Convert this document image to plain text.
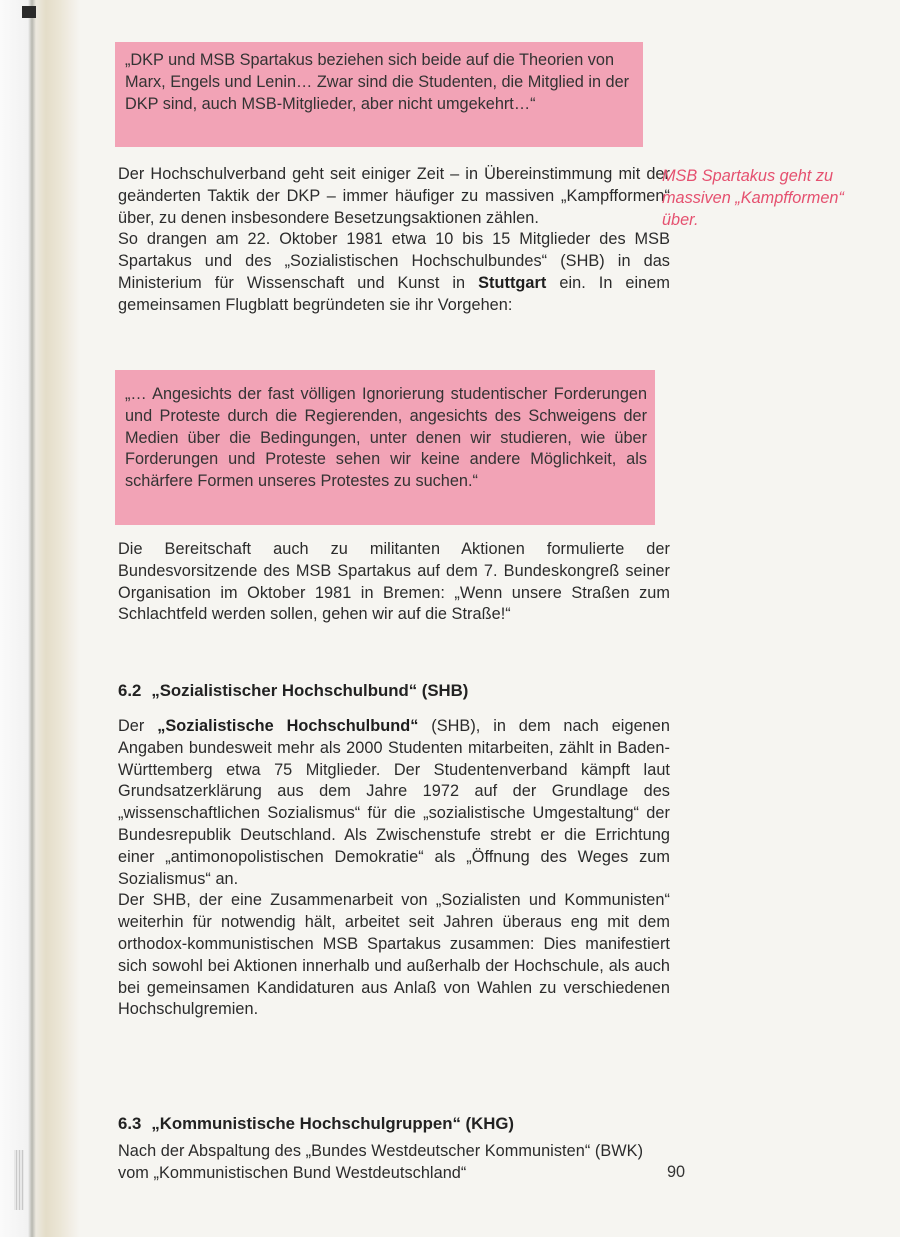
„DKP und MSB Spartakus beziehen sich beide auf die Theorien von Marx, Engels und Lenin… Zwar sind die Studenten, die Mitglied in der DKP sind, auch MSB-Mitglieder, aber nicht umgekehrt…“

Der Hochschulverband geht seit einiger Zeit – in Übereinstimmung mit der geänderten Taktik der DKP – immer häufiger zu massiven „Kampfformen“ über, zu denen insbesondere Besetzungsaktionen zählen.

So drangen am 22. Oktober 1981 etwa 10 bis 15 Mitglieder des MSB Spartakus und des „Sozialistischen Hochschulbundes“ (SHB) in das Ministerium für Wissenschaft und Kunst in Stuttgart ein. In einem gemeinsamen Flugblatt begründeten sie ihr Vorgehen:

MSB Spartakus geht zu massiven „Kampfformen“ über.

„… Angesichts der fast völligen Ignorierung studentischer Forderungen und Proteste durch die Regierenden, angesichts des Schweigens der Medien über die Bedingungen, unter denen wir studieren, wie über Forderungen und Proteste sehen wir keine andere Möglichkeit, als schärfere Formen unseres Protestes zu suchen.“

Die Bereitschaft auch zu militanten Aktionen formulierte der Bundesvorsitzende des MSB Spartakus auf dem 7. Bundeskongreß seiner Organisation im Oktober 1981 in Bremen: „Wenn unsere Straßen zum Schlachtfeld werden sollen, gehen wir auf die Straße!“

6.2 „Sozialistischer Hochschulbund“ (SHB)

Der „Sozialistische Hochschulbund“ (SHB), in dem nach eigenen Angaben bundesweit mehr als 2000 Studenten mitarbeiten, zählt in Baden-Württemberg etwa 75 Mitglieder. Der Studentenverband kämpft laut Grundsatzerklärung aus dem Jahre 1972 auf der Grundlage des „wissenschaftlichen Sozialismus“ für die „sozialistische Umgestaltung“ der Bundesrepublik Deutschland. Als Zwischenstufe strebt er die Errichtung einer „antimonopolistischen Demokratie“ als „Öffnung des Weges zum Sozialismus“ an.

Der SHB, der eine Zusammenarbeit von „Sozialisten und Kommunisten“ weiterhin für notwendig hält, arbeitet seit Jahren überaus eng mit dem orthodox-kommunistischen MSB Spartakus zusammen: Dies manifestiert sich sowohl bei Aktionen innerhalb und außerhalb der Hochschule, als auch bei gemeinsamen Kandidaturen aus Anlaß von Wahlen zu verschiedenen Hochschulgremien.

6.3 „Kommunistische Hochschulgruppen“ (KHG)

Nach der Abspaltung des „Bundes Westdeutscher Kommunisten“ (BWK) vom „Kommunistischen Bund Westdeutschland“	90
